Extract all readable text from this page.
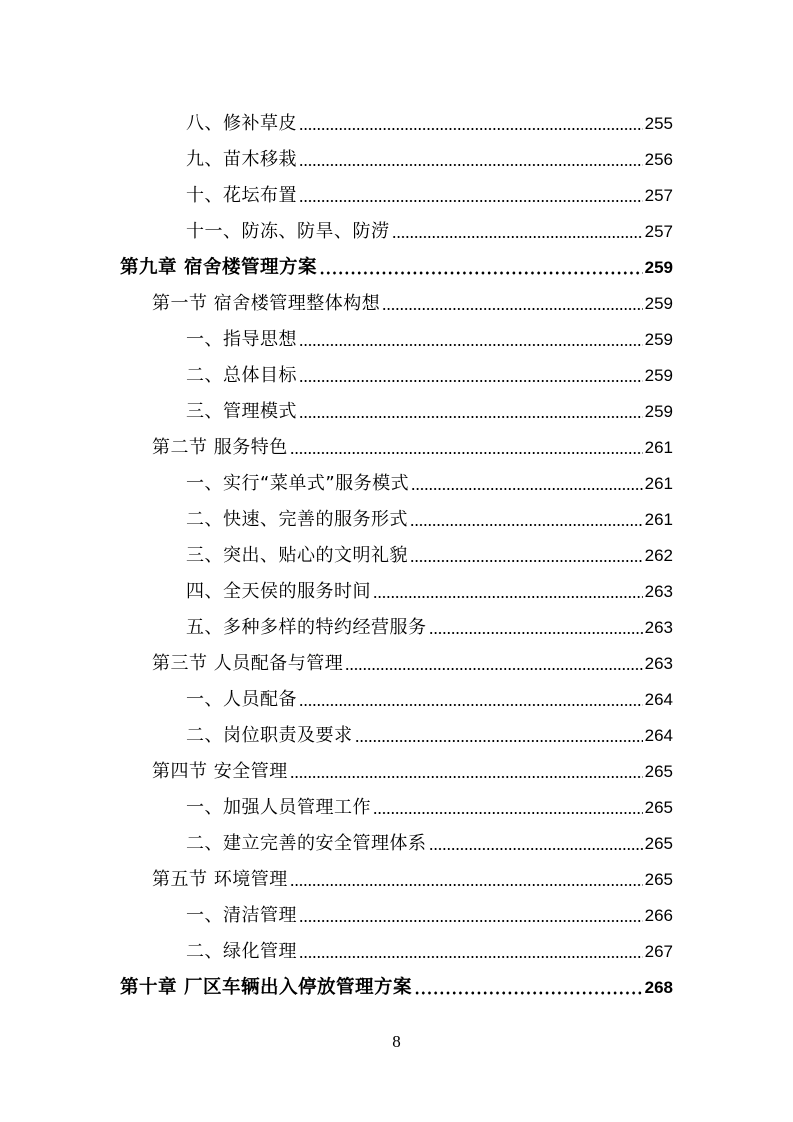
八、修补草皮	255
九、苗木移栽	256
十、花坛布置	257
十一、防冻、防旱、防涝	257
第九章 宿舍楼管理方案	259
第一节 宿舍楼管理整体构想	259
一、指导思想	259
二、总体目标	259
三、管理模式	259
第二节 服务特色	261
一、实行“菜单式”服务模式	261
二、快速、完善的服务形式	261
三、突出、贴心的文明礼貌	262
四、全天侯的服务时间	263
五、多种多样的特约经营服务	263
第三节 人员配备与管理	263
一、人员配备	264
二、岗位职责及要求	264
第四节 安全管理	265
一、加强人员管理工作	265
二、建立完善的安全管理体系	265
第五节 环境管理	265
一、清洁管理	266
二、绿化管理	267
第十章 厂区车辆出入停放管理方案	268
8
